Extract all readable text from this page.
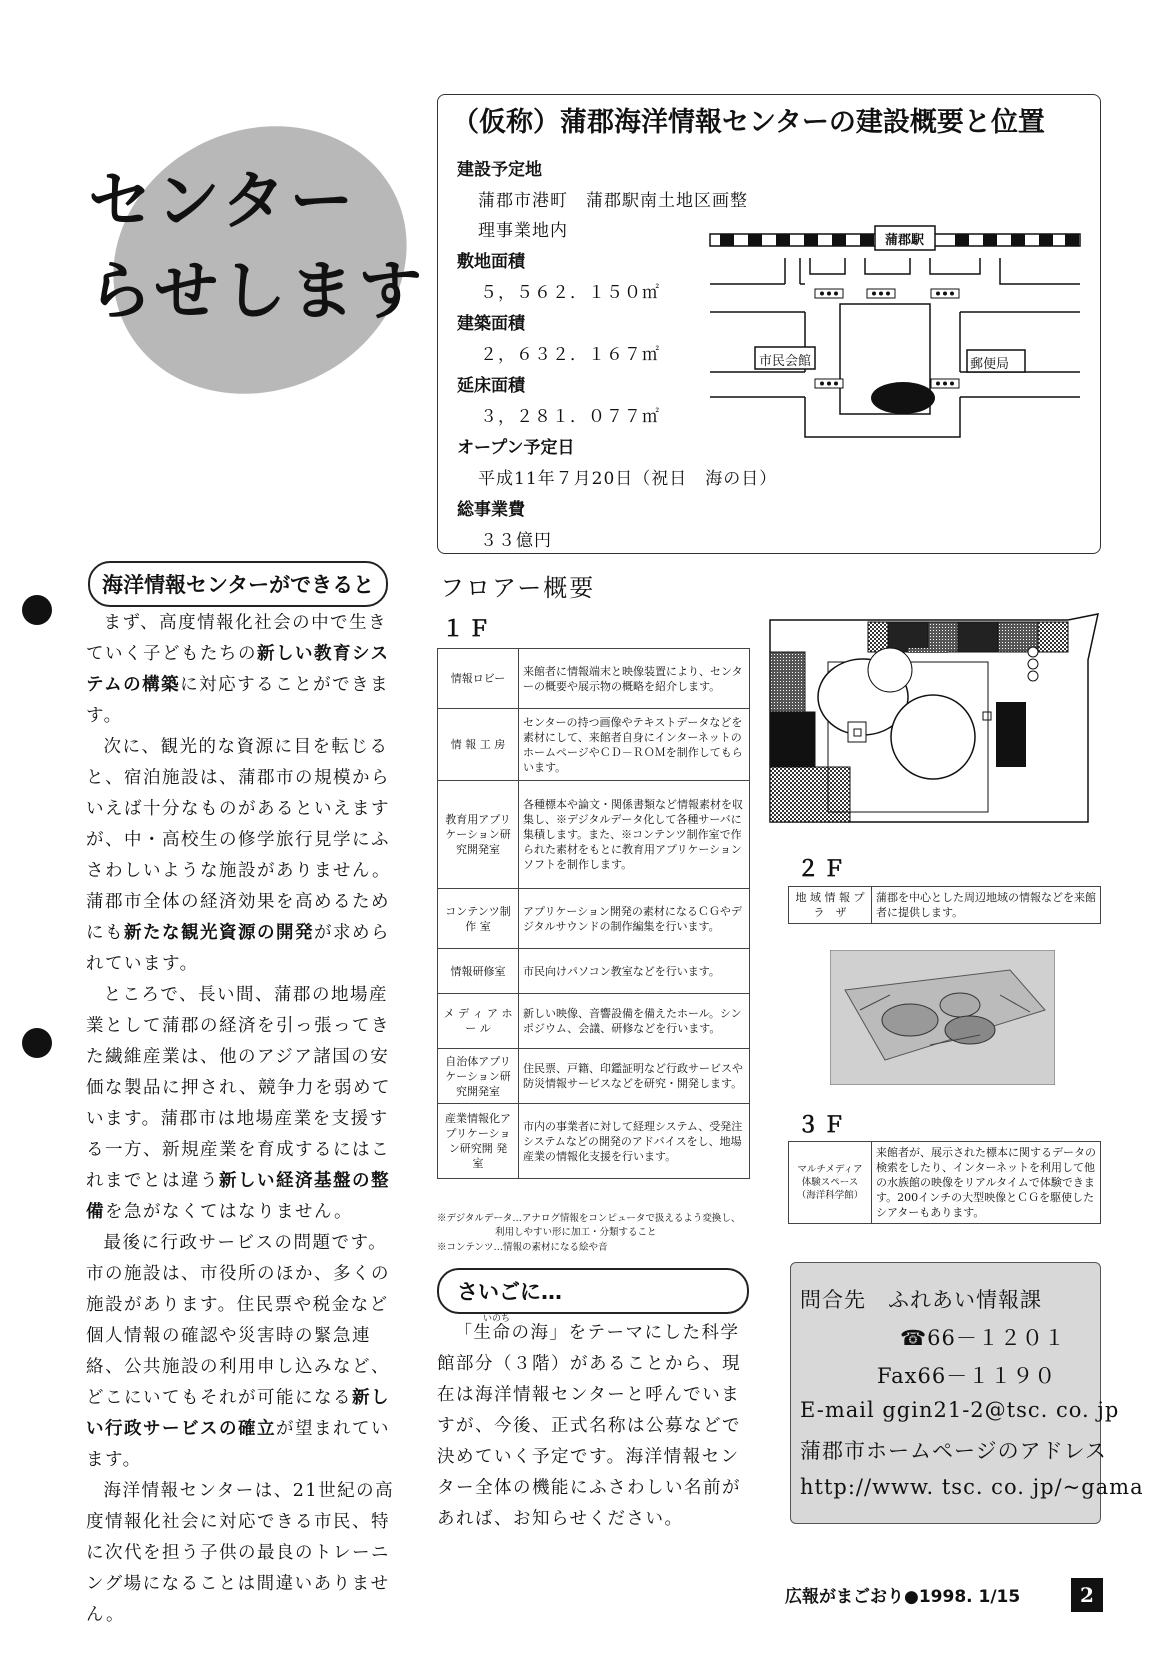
センター
らせします
（仮称）蒲郡海洋情報センターの建設概要と位置
建設予定地
蒲郡市港町　蒲郡駅南土地区画整
理事業地内
敷地面積
５，５６２．１５０㎡
建築面積
２，６３２．１６７㎡
延床面積
３，２８１．０７７㎡
オープン予定日
平成11年７月20日（祝日　海の日）
総事業費
３３億円
蒲郡駅
市民会館	郵便局
海洋情報センターができると

まず、高度情報化社会の中で生きていく子どもたちの新しい教育システムの構築に対応することができます。

次に、観光的な資源に目を転じると、宿泊施設は、蒲郡市の規模からいえば十分なものがあるといえますが、中・高校生の修学旅行見学にふさわしいような施設がありません。蒲郡市全体の経済効果を高めるためにも新たな観光資源の開発が求められています。

ところで、長い間、蒲郡の地場産業として蒲郡の経済を引っ張ってきた繊維産業は、他のアジア諸国の安価な製品に押され、競争力を弱めています。蒲郡市は地場産業を支援する一方、新規産業を育成するにはこれまでとは違う新しい経済基盤の整備を急がなくてはなりません。

最後に行政サービスの問題です。市の施設は、市役所のほか、多くの施設があります。住民票や税金など個人情報の確認や災害時の緊急連絡、公共施設の利用申し込みなど、どこにいてもそれが可能になる新しい行政サービスの確立が望まれています。

海洋情報センターは、21世紀の高度情報化社会に対応できる市民、特に次代を担う子供の最良のトレーニング場になることは間違いありません。

フロアー概要
１Ｆ
情報ロビー	来館者に情報端末と映像装置により、センターの概要や展示物の概略を紹介します。
情 報 工 房	センターの持つ画像やテキストデータなどを素材にして、来館者自身にインターネットのホームページやＣＤ－ＲＯＭを制作してもらいます。
教育用アプリケーション研究開発室	各種標本や論文・関係書類など情報素材を収集し、※デジタルデータ化して各種サーバに集積します。また、※コンテンツ制作室で作られた素材をもとに教育用アプリケーションソフトを制作します。
コンテンツ制 作 室	アプリケーション開発の素材になるＣＧやデジタルサウンドの制作編集を行います。
情報研修室	市民向けパソコン教室などを行います。
メ デ ィ ア ホ ー ル	新しい映像、音響設備を備えたホール。シンポジウム、会議、研修などを行います。
自治体アプリケーション研究開発室	住民票、戸籍、印鑑証明など行政サービスや防災情報サービスなどを研究・開発します。
産業情報化アプリケーション研究開 発 室	市内の事業者に対して経理システム、受発注システムなどの開発のアドバイスをし、地場産業の情報化支援を行います。
※デジタルデータ…アナログ情報をコンピュータで扱えるよう変換し、
利用しやすい形に加工・分類すること
※コンテンツ…情報の素材になる絵や音
２Ｆ
地 域 情 報 プ　ラ　ザ	蒲郡を中心とした周辺地域の情報などを来館者に提供します。
３Ｆ
マルチメディア体験スペース（海洋科学館）	来館者が、展示された標本に関するデータの検索をしたり、インターネットを利用して他の水族館の映像をリアルタイムで体験できます。200インチの大型映像とＣＧを駆使したシアターもあります。
さいごに…
いのち

「生命の海」をテーマにした科学館部分（３階）があることから、現在は海洋情報センターと呼んでいますが、今後、正式名称は公募などで決めていく予定です。海洋情報センター全体の機能にふさわしい名前があれば、お知らせください。

問合先　ふれあい情報課
☎66－１２０１
Fax66－１１９０
E-mail ggin21-2@tsc. co. jp
蒲郡市ホームページのアドレス
http://www. tsc. co. jp/~gama
広報がまごおり●1998. 1/15	2
